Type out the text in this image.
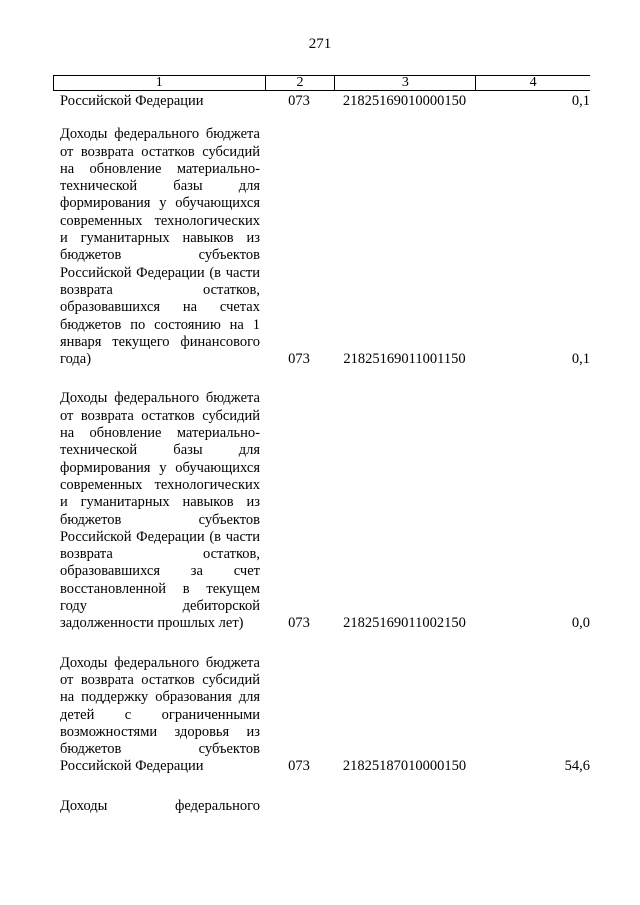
271
1	2	3	4
Российской Федерации	073	21825169010000150	0,1
Доходы федерального бюджета от возврата остатков субсидий на обновление материально-технической базы для формирования у обучающихся современных технологических и гуманитарных навыков из бюджетов субъектов Российской Федерации (в части возврата остатков, образовавшихся на счетах бюджетов по состоянию на 1 января текущего финансового года)	073	21825169011001150	0,1
Доходы федерального бюджета от возврата остатков субсидий на обновление материально-технической базы для формирования у обучающихся современных технологических и гуманитарных навыков из бюджетов субъектов Российской Федерации (в части возврата остатков, образовавшихся за счет восстановленной в текущем году дебиторской задолженности прошлых лет)	073	21825169011002150	0,0
Доходы федерального бюджета от возврата остатков субсидий на поддержку образования для детей с ограниченными возможностями здоровья из бюджетов субъектов Российской Федерации	073	21825187010000150	54,6
Доходы федерального
